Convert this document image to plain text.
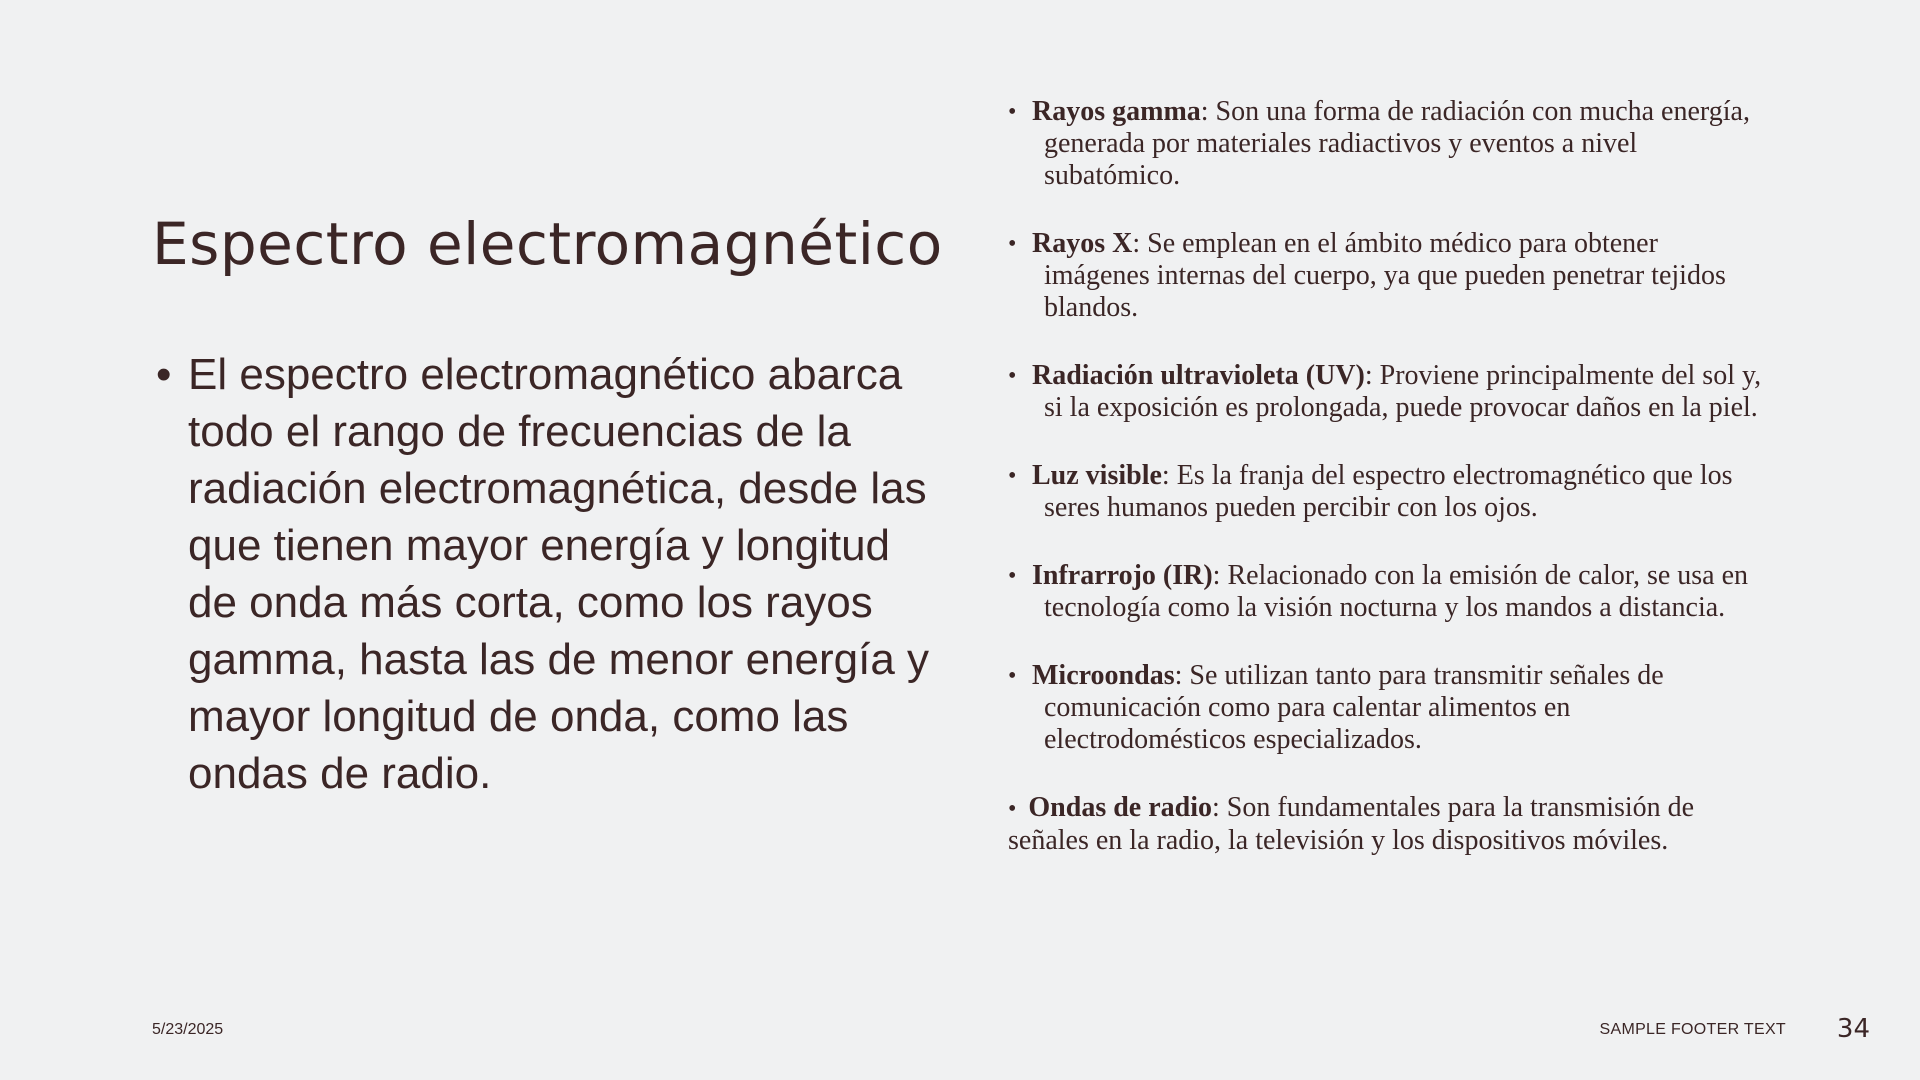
Espectro electromagnético
• El espectro electromagnético abarca todo el rango de frecuencias de la radiación electromagnética, desde las que tienen mayor energía y longitud de onda más corta, como los rayos gamma, hasta las de menor energía y mayor longitud de onda, como las ondas de radio.
• Rayos gamma: Son una forma de radiación con mucha energía, generada por materiales radiactivos y eventos a nivel subatómico.
• Rayos X: Se emplean en el ámbito médico para obtener imágenes internas del cuerpo, ya que pueden penetrar tejidos blandos.
• Radiación ultravioleta (UV): Proviene principalmente del sol y, si la exposición es prolongada, puede provocar daños en la piel.
• Luz visible: Es la franja del espectro electromagnético que los seres humanos pueden percibir con los ojos.
• Infrarrojo (IR): Relacionado con la emisión de calor, se usa en tecnología como la visión nocturna y los mandos a distancia.
• Microondas: Se utilizan tanto para transmitir señales de comunicación como para calentar alimentos en electrodomésticos especializados.
• Ondas de radio: Son fundamentales para la transmisión de señales en la radio, la televisión y los dispositivos móviles.
5/23/2025	SAMPLE FOOTER TEXT 34
